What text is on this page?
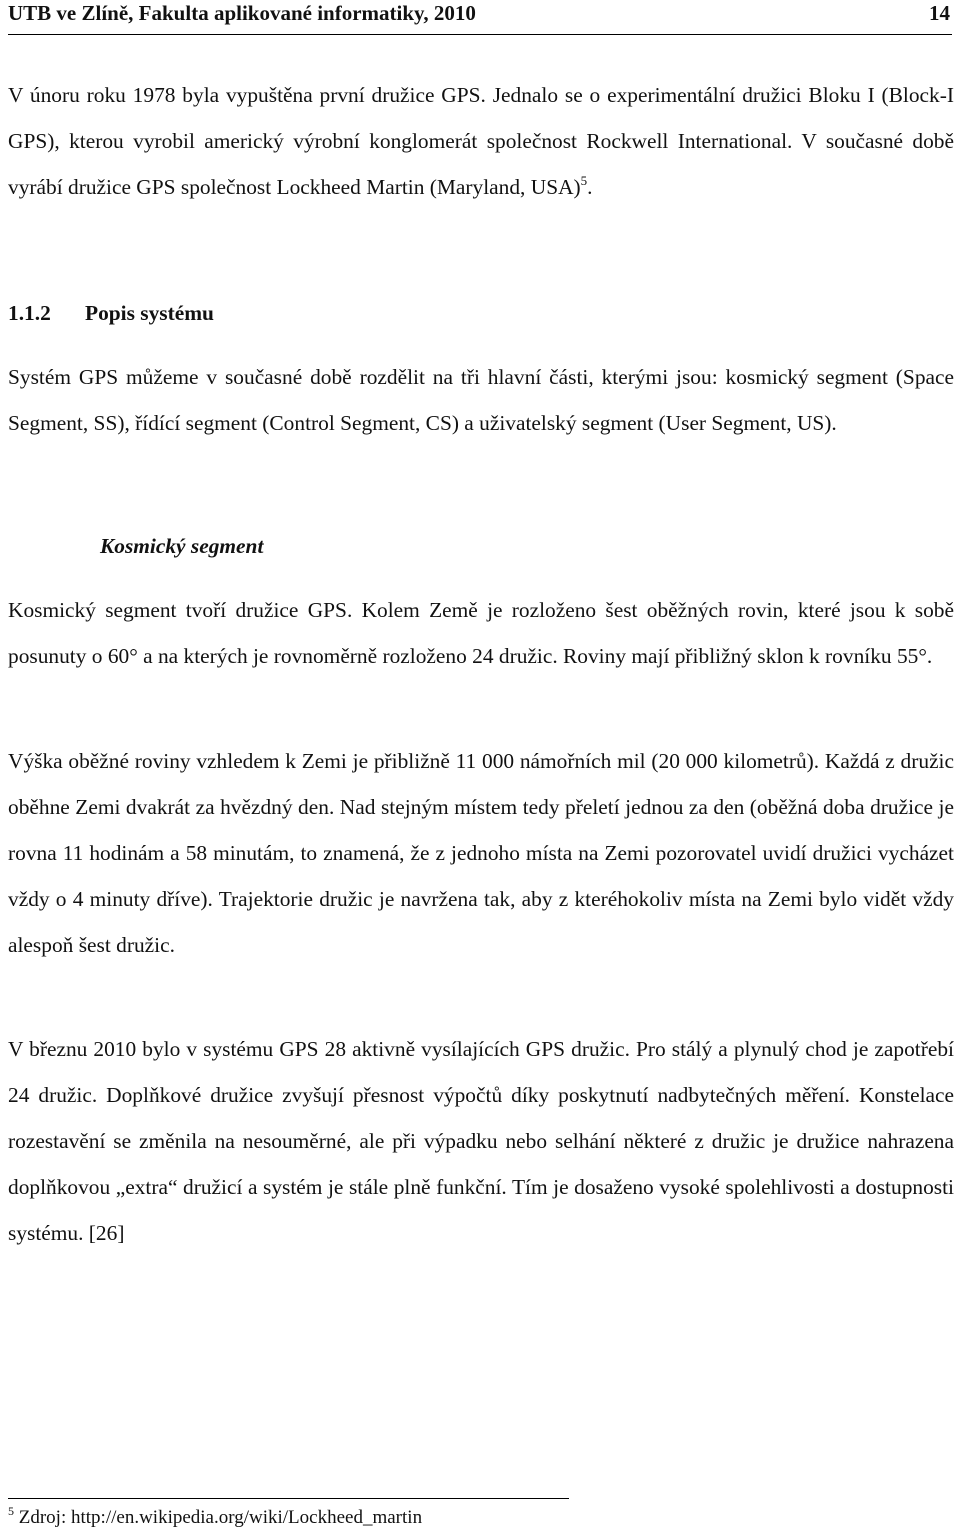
UTB ve Zlíně, Fakulta aplikované informatiky, 2010	14

V únoru roku 1978 byla vypuštěna první družice GPS. Jednalo se o experimentální družici Bloku I (Block-I GPS), kterou vyrobil americký výrobní konglomerát společnost Rockwell International. V současné době vyrábí družice GPS společnost Lockheed Martin (Maryland, USA)$^5$.

1.1.2 Popis systému

Systém GPS můžeme v současné době rozdělit na tři hlavní části, kterými jsou: kosmický segment (Space Segment, SS), řídící segment (Control Segment, CS) a uživatelský segment (User Segment, US).

Kosmický segment

Kosmický segment tvoří družice GPS. Kolem Země je rozloženo šest oběžných rovin, které jsou k sobě posunuty o 60° a na kterých je rovnoměrně rozloženo 24 družic. Roviny mají přibližný sklon k rovníku 55°.

Výška oběžné roviny vzhledem k Zemi je přibližně 11 000 námořních mil (20 000 kilometrů). Každá z družic oběhne Zemi dvakrát za hvězdný den. Nad stejným místem tedy přeletí jednou za den (oběžná doba družice je rovna 11 hodinám a 58 minutám, to znamená, že z jednoho místa na Zemi pozorovatel uvidí družici vycházet vždy o 4 minuty dříve). Trajektorie družic je navržena tak, aby z kteréhokoliv místa na Zemi bylo vidět vždy alespoň šest družic.

V březnu 2010 bylo v systému GPS 28 aktivně vysílajících GPS družic. Pro stálý a plynulý chod je zapotřebí 24 družic. Doplňkové družice zvyšují přesnost výpočtů díky poskytnutí nadbytečných měření. Konstelace rozestavění se změnila na nesouměrné, ale při výpadku nebo selhání některé z družic je družice nahrazena doplňkovou „extra“ družicí a systém je stále plně funkční. Tím je dosaženo vysoké spolehlivosti a dostupnosti systému. [26]

$^5$ Zdroj: http://en.wikipedia.org/wiki/Lockheed_martin
